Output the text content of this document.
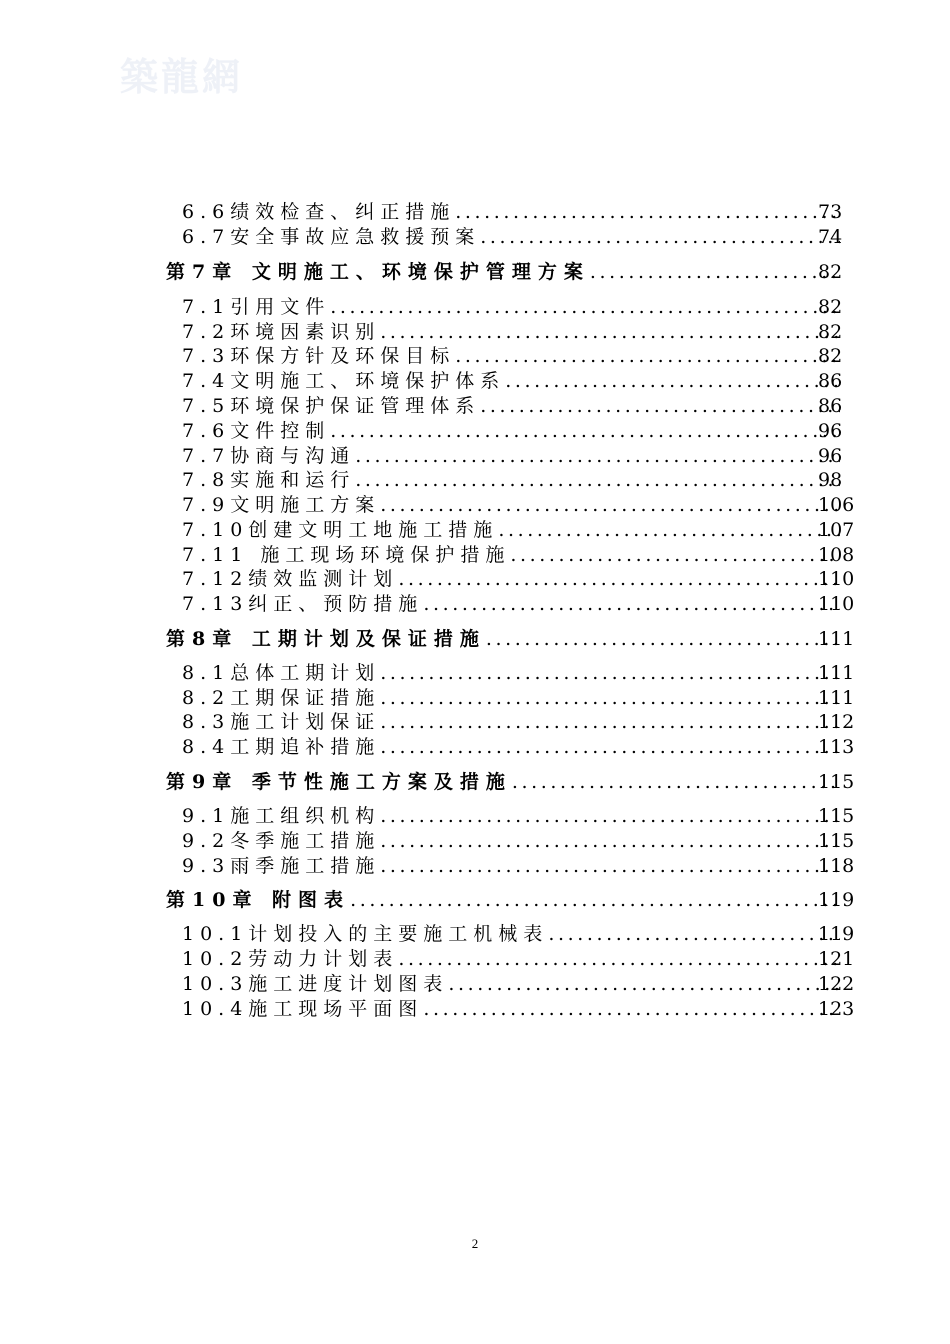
築龍網
6.6绩效检查、纠正措施 .....	73
6.7安全事故应急救援预案 .....	74
第7章 文明施工、环境保护管理方案 .....	82
7.1引用文件 .....	82
7.2环境因素识别 .....	82
7.3环保方针及环保目标 .....	82
7.4文明施工、环境保护体系 .....	86
7.5环境保护保证管理体系 .....	86
7.6文件控制 .....	96
7.7协商与沟通 .....	96
7.8实施和运行 .....	98
7.9文明施工方案 .....	106
7.10创建文明工地施工措施 .....	107
7.11 施工现场环境保护措施 .....	108
7.12绩效监测计划 .....	110
7.13纠正、预防措施 .....	110
第8章 工期计划及保证措施 .....	111
8.1总体工期计划 .....	111
8.2工期保证措施 .....	111
8.3施工计划保证 .....	112
8.4工期追补措施 .....	113
第9章 季节性施工方案及措施 .....	115
9.1施工组织机构 .....	115
9.2冬季施工措施 .....	115
9.3雨季施工措施 .....	118
第10章 附图表 .....	119
10.1计划投入的主要施工机械表 .....	119
10.2劳动力计划表 .....	121
10.3施工进度计划图表 .....	122
10.4施工现场平面图 .....	123
2
